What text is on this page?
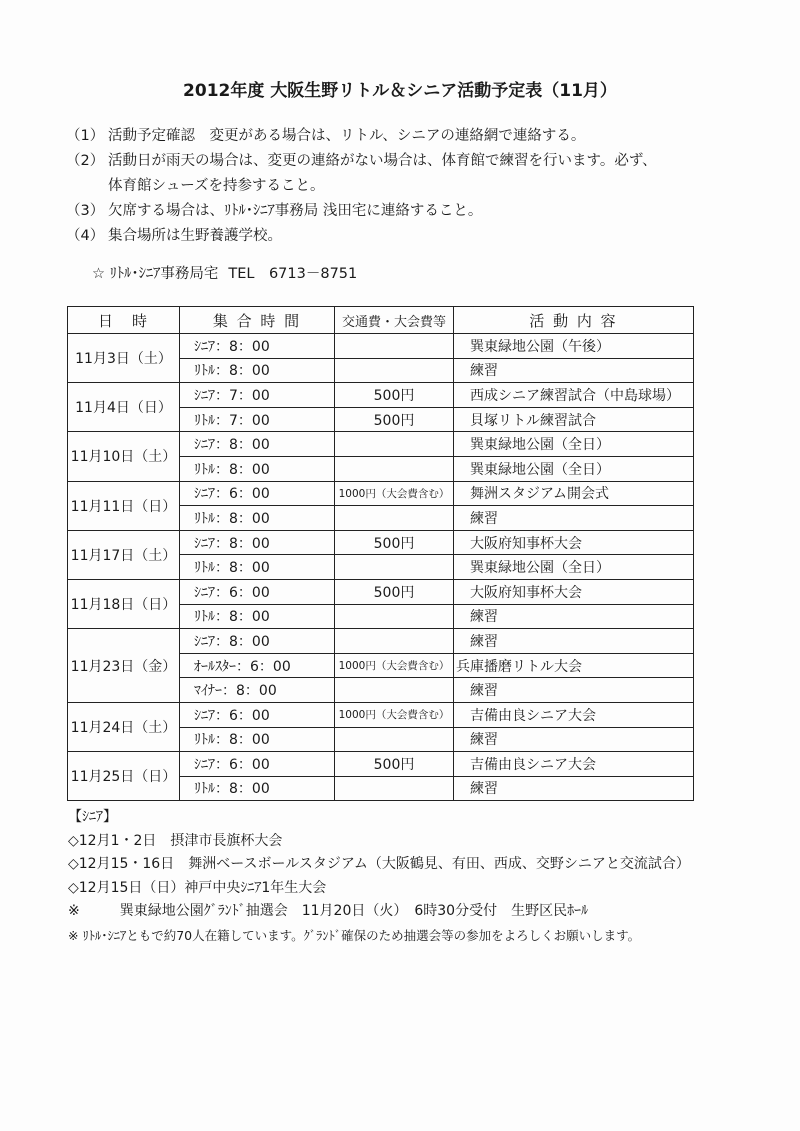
2012年度 大阪生野リトル＆シニア活動予定表（11月）
（1） 活動予定確認　変更がある場合は、リトル、シニアの連絡網で連絡する。
（2） 活動日が雨天の場合は、変更の連絡がない場合は、体育館で練習を行います。必ず、
体育館シューズを持参すること。
（3） 欠席する場合は、ﾘﾄﾙ･ｼﾆｱ事務局 浅田宅に連絡すること。
（4） 集合場所は生野養護学校。
☆ ﾘﾄﾙ･ｼﾆｱ事務局宅 TEL　6713－8751
日　時	集 合 時 間	交通費・大会費等	活 動 内 容
11月3日（土）	ｼﾆｱ：8：00		巽東緑地公園（午後）
	ﾘﾄﾙ：8：00		練習
11月4日（日）	ｼﾆｱ：7：00	500円	西成シニア練習試合（中島球場）
	ﾘﾄﾙ：7：00	500円	貝塚リトル練習試合
11月10日（土）	ｼﾆｱ：8：00		巽東緑地公園（全日）
	ﾘﾄﾙ：8：00		巽東緑地公園（全日）
11月11日（日）	ｼﾆｱ：6：00	1000円（大会費含む）	舞洲スタジアム開会式
	ﾘﾄﾙ：8：00		練習
11月17日（土）	ｼﾆｱ：8：00	500円	大阪府知事杯大会
	ﾘﾄﾙ：8：00		巽東緑地公園（全日）
11月18日（日）	ｼﾆｱ：6：00	500円	大阪府知事杯大会
	ﾘﾄﾙ：8：00		練習
11月23日（金）	ｼﾆｱ：8：00		練習
	ｵｰﾙｽﾀｰ：6：00	1000円（大会費含む）	兵庫播磨リトル大会
	ﾏｲﾅｰ：8：00		練習
11月24日（土）	ｼﾆｱ：6：00	1000円（大会費含む）	吉備由良シニア大会
	ﾘﾄﾙ：8：00		練習
11月25日（日）	ｼﾆｱ：6：00	500円	吉備由良シニア大会
	ﾘﾄﾙ：8：00		練習
【ｼﾆｱ】
◇12月1・2日 摂津市長旗杯大会
◇12月15・16日 舞洲ベースボールスタジアム（大阪鶴見、有田、西成、交野シニアと交流試合）
◇12月15日（日）神戸中央ｼﾆｱ1年生大会
※	巽東緑地公園ｸﾞﾗﾝﾄﾞ抽選会　11月20日（火）　6時30分受付　生野区民ﾎｰﾙ
※ ﾘﾄﾙ･ｼﾆｱともで約70人在籍しています。ｸﾞﾗﾝﾄﾞ確保のため抽選会等の参加をよろしくお願いします。
